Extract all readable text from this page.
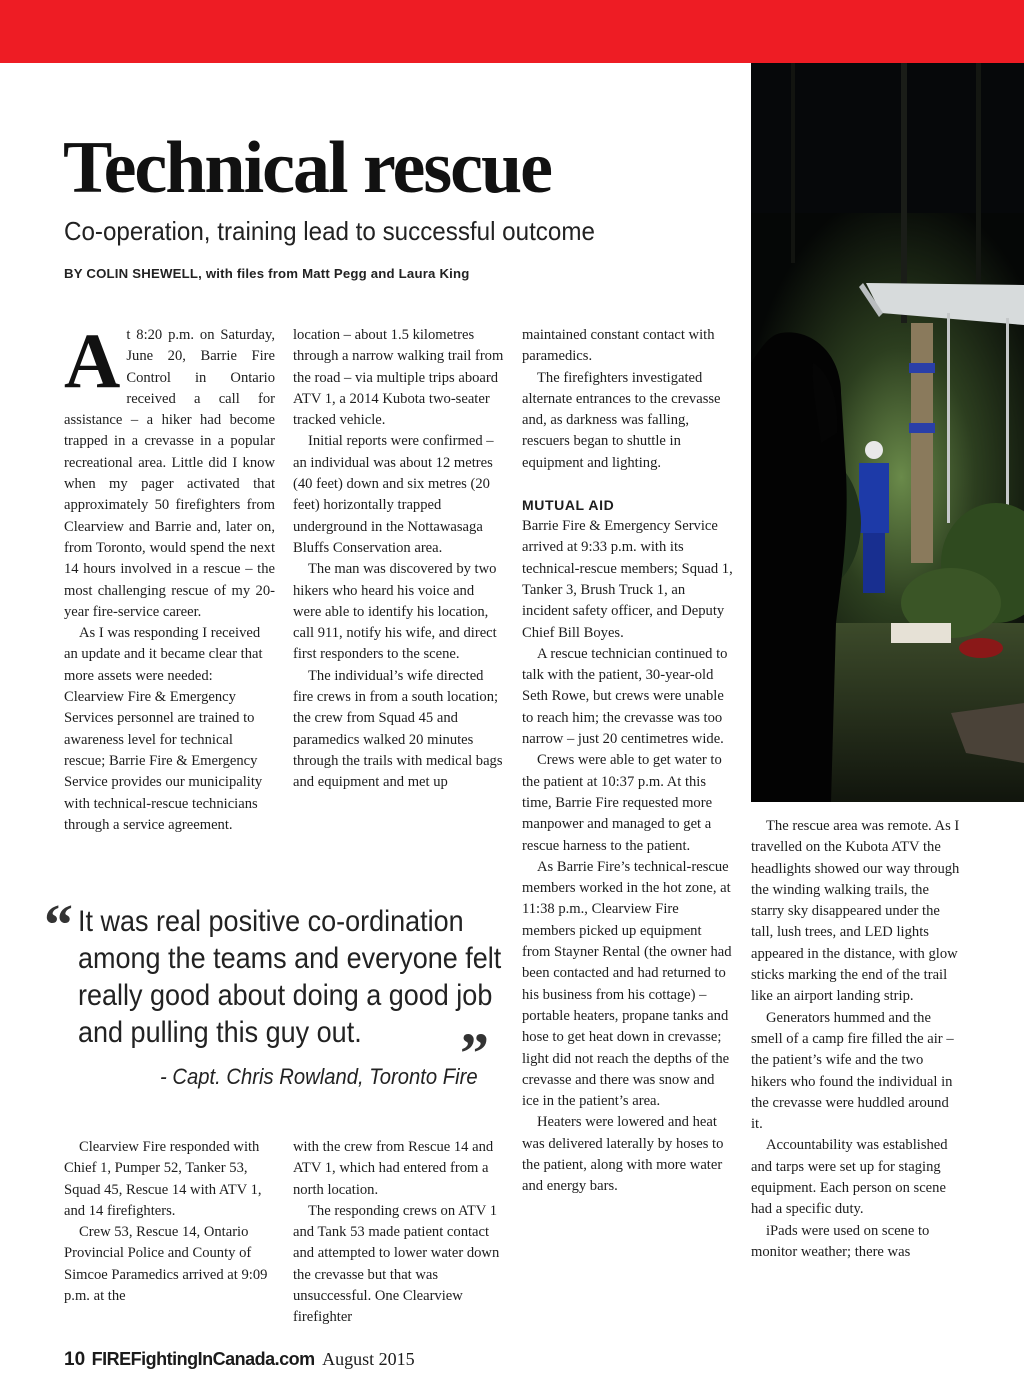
Technical rescue
Co-operation, training lead to successful outcome
BY COLIN SHEWELL, with files from Matt Pegg and Laura King

At 8:20 p.m. on Saturday, June 20, Barrie Fire Control in Ontario received a call for assistance – a hiker had become trapped in a crevasse in a popular recreational area. Little did I know when my pager activated that approximately 50 firefighters from Clearview and Barrie and, later on, from Toronto, would spend the next 14 hours involved in a rescue – the most challenging rescue of my 20-year fire-service career.

As I was responding I received an update and it became clear that more assets were needed: Clearview Fire & Emergency Services personnel are trained to awareness level for technical rescue; Barrie Fire & Emergency Service provides our municipality with technical-rescue technicians through a service agreement.

location – about 1.5 kilometres through a narrow walking trail from the road – via multiple trips aboard ATV 1, a 2014 Kubota two-seater tracked vehicle.

Initial reports were confirmed – an individual was about 12 metres (40 feet) down and six metres (20 feet) horizontally trapped underground in the Nottawasaga Bluffs Conservation area.

The man was discovered by two hikers who heard his voice and were able to identify his location, call 911, notify his wife, and direct first responders to the scene.

The individual’s wife directed fire crews in from a south location; the crew from Squad 45 and paramedics walked 20 minutes through the trails with medical bags and equipment and met up

maintained constant contact with paramedics.

The firefighters investigated alternate entrances to the crevasse and, as darkness was falling, rescuers began to shuttle in equipment and lighting.

MUTUAL AID

Barrie Fire & Emergency Service arrived at 9:33 p.m. with its technical-rescue members; Squad 1, Tanker 3, Brush Truck 1, an incident safety officer, and Deputy Chief Bill Boyes.

A rescue technician continued to talk with the patient, 30-year-old Seth Rowe, but crews were unable to reach him; the crevasse was too narrow – just 20 centimetres wide.

Crews were able to get water to the patient at 10:37 p.m. At this time, Barrie Fire requested more manpower and managed to get a rescue harness to the patient.

As Barrie Fire’s technical-rescue members worked in the hot zone, at 11:38 p.m., Clearview Fire members picked up equipment from Stayner Rental (the owner had been contacted and had returned to his business from his cottage) – portable heaters, propane tanks and hose to get heat down in crevasse; light did not reach the depths of the crevasse and there was snow and ice in the patient’s area.

Heaters were lowered and heat was delivered laterally by hoses to the patient, along with more water and energy bars.

The rescue area was remote. As I travelled on the Kubota ATV the headlights showed our way through the winding walking trails, the starry sky disappeared under the tall, lush trees, and LED lights appeared in the distance, with glow sticks marking the end of the trail like an airport landing strip.

Generators hummed and the smell of a camp fire filled the air – the patient’s wife and the two hikers who found the individual in the crevasse were huddled around it.

Accountability was established and tarps were set up for staging equipment. Each person on scene had a specific duty.

iPads were used on scene to monitor weather; there was

“ It was real positive co-ordination among the teams and everyone felt really good about doing a good job and pulling this guy out.	”
- Capt. Chris Rowland, Toronto Fire

Clearview Fire responded with Chief 1, Pumper 52, Tanker 53, Squad 45, Rescue 14 with ATV 1, and 14 firefighters.

Crew 53, Rescue 14, Ontario Provincial Police and County of Simcoe Paramedics arrived at 9:09 p.m. at the

with the crew from Rescue 14 and ATV 1, which had entered from a north location.

The responding crews on ATV 1 and Tank 53 made patient contact and attempted to lower water down the crevasse but that was unsuccessful. One Clearview firefighter

10 FIREFightingInCanada.com August 2015
